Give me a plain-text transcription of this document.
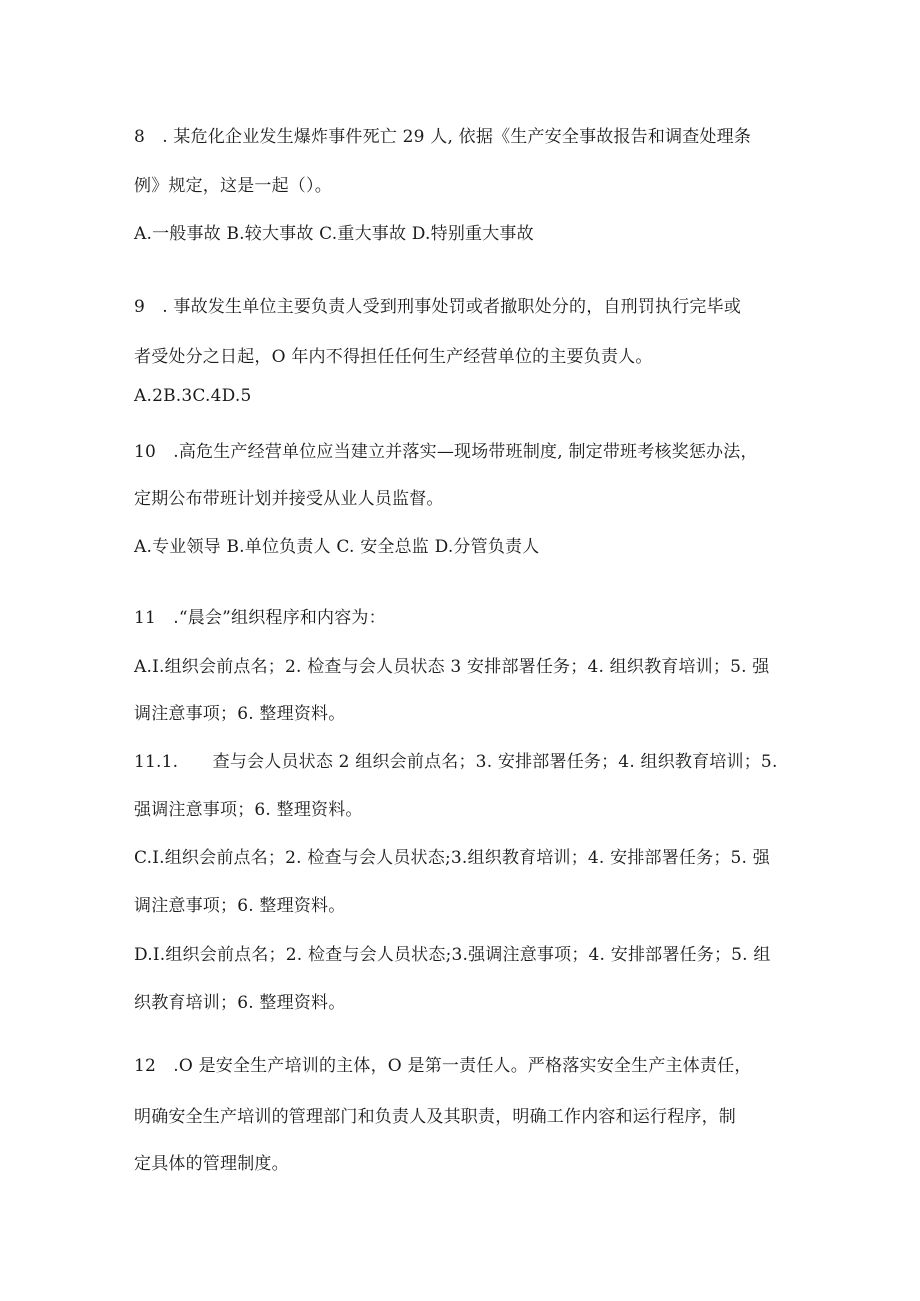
8　. 某危化企业发生爆炸事件死亡 29 人, 依据《生产安全事故报告和调查处理条
例》规定，这是一起（）。
A.一般事故 B.较大事故 C.重大事故 D.特别重大事故
9　. 事故发生单位主要负责人受到刑事处罚或者撤职处分的，自刑罚执行完毕或
者受处分之日起，O 年内不得担任任何生产经营单位的主要负责人。
A.2B.3C.4D.5
10　.高危生产经营单位应当建立并落实—现场带班制度, 制定带班考核奖惩办法，
定期公布带班计划并接受从业人员监督。
A.专业领导 B.单位负责人 C. 安全总监 D.分管负责人
11　.“晨会”组织程序和内容为：
A.I.组织会前点名；2. 检查与会人员状态 3 安排部署任务；4. 组织教育培训；5. 强
调注意事项；6. 整理资料。
11.1.　　查与会人员状态 2 组织会前点名；3. 安排部署任务；4. 组织教育培训；5.
强调注意事项；6. 整理资料。
C.I.组织会前点名；2. 检查与会人员状态;3.组织教育培训；4. 安排部署任务；5. 强
调注意事项；6. 整理资料。
D.I.组织会前点名；2. 检查与会人员状态;3.强调注意事项；4. 安排部署任务；5. 组
织教育培训；6. 整理资料。
12　.O 是安全生产培训的主体，O 是第一责任人。严格落实安全生产主体责任，
明确安全生产培训的管理部门和负责人及其职责，明确工作内容和运行程序，制
定具体的管理制度。
